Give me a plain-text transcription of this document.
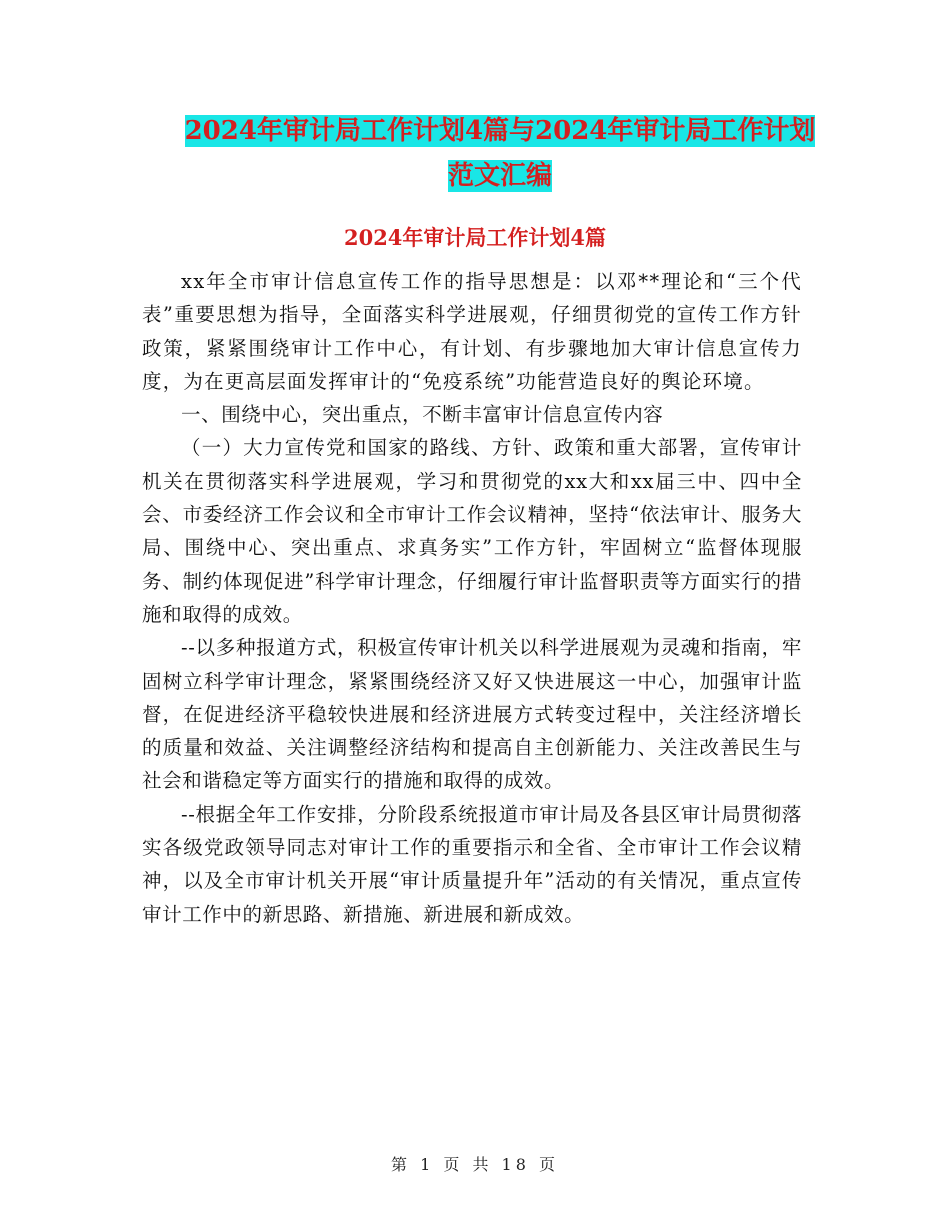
2024年审计局工作计划4篇与2024年审计局工作计划
范文汇编
2024年审计局工作计划4篇

xx年全市审计信息宣传工作的指导思想是：以邓**理论和“三个代表”重要思想为指导，全面落实科学进展观，仔细贯彻党的宣传工作方针政策，紧紧围绕审计工作中心，有计划、有步骤地加大审计信息宣传力度，为在更高层面发挥审计的“免疫系统”功能营造良好的舆论环境。

一、围绕中心，突出重点，不断丰富审计信息宣传内容

（一）大力宣传党和国家的路线、方针、政策和重大部署，宣传审计机关在贯彻落实科学进展观，学习和贯彻党的xx大和xx届三中、四中全会、市委经济工作会议和全市审计工作会议精神，坚持“依法审计、服务大局、围绕中心、突出重点、求真务实”工作方针，牢固树立“监督体现服务、制约体现促进”科学审计理念，仔细履行审计监督职责等方面实行的措施和取得的成效。

--以多种报道方式，积极宣传审计机关以科学进展观为灵魂和指南，牢固树立科学审计理念，紧紧围绕经济又好又快进展这一中心，加强审计监督，在促进经济平稳较快进展和经济进展方式转变过程中，关注经济增长的质量和效益、关注调整经济结构和提高自主创新能力、关注改善民生与社会和谐稳定等方面实行的措施和取得的成效。

--根据全年工作安排，分阶段系统报道市审计局及各县区审计局贯彻落实各级党政领导同志对审计工作的重要指示和全省、全市审计工作会议精神，以及全市审计机关开展“审计质量提升年”活动的有关情况，重点宣传审计工作中的新思路、新措施、新进展和新成效。

第 1 页 共 18 页
